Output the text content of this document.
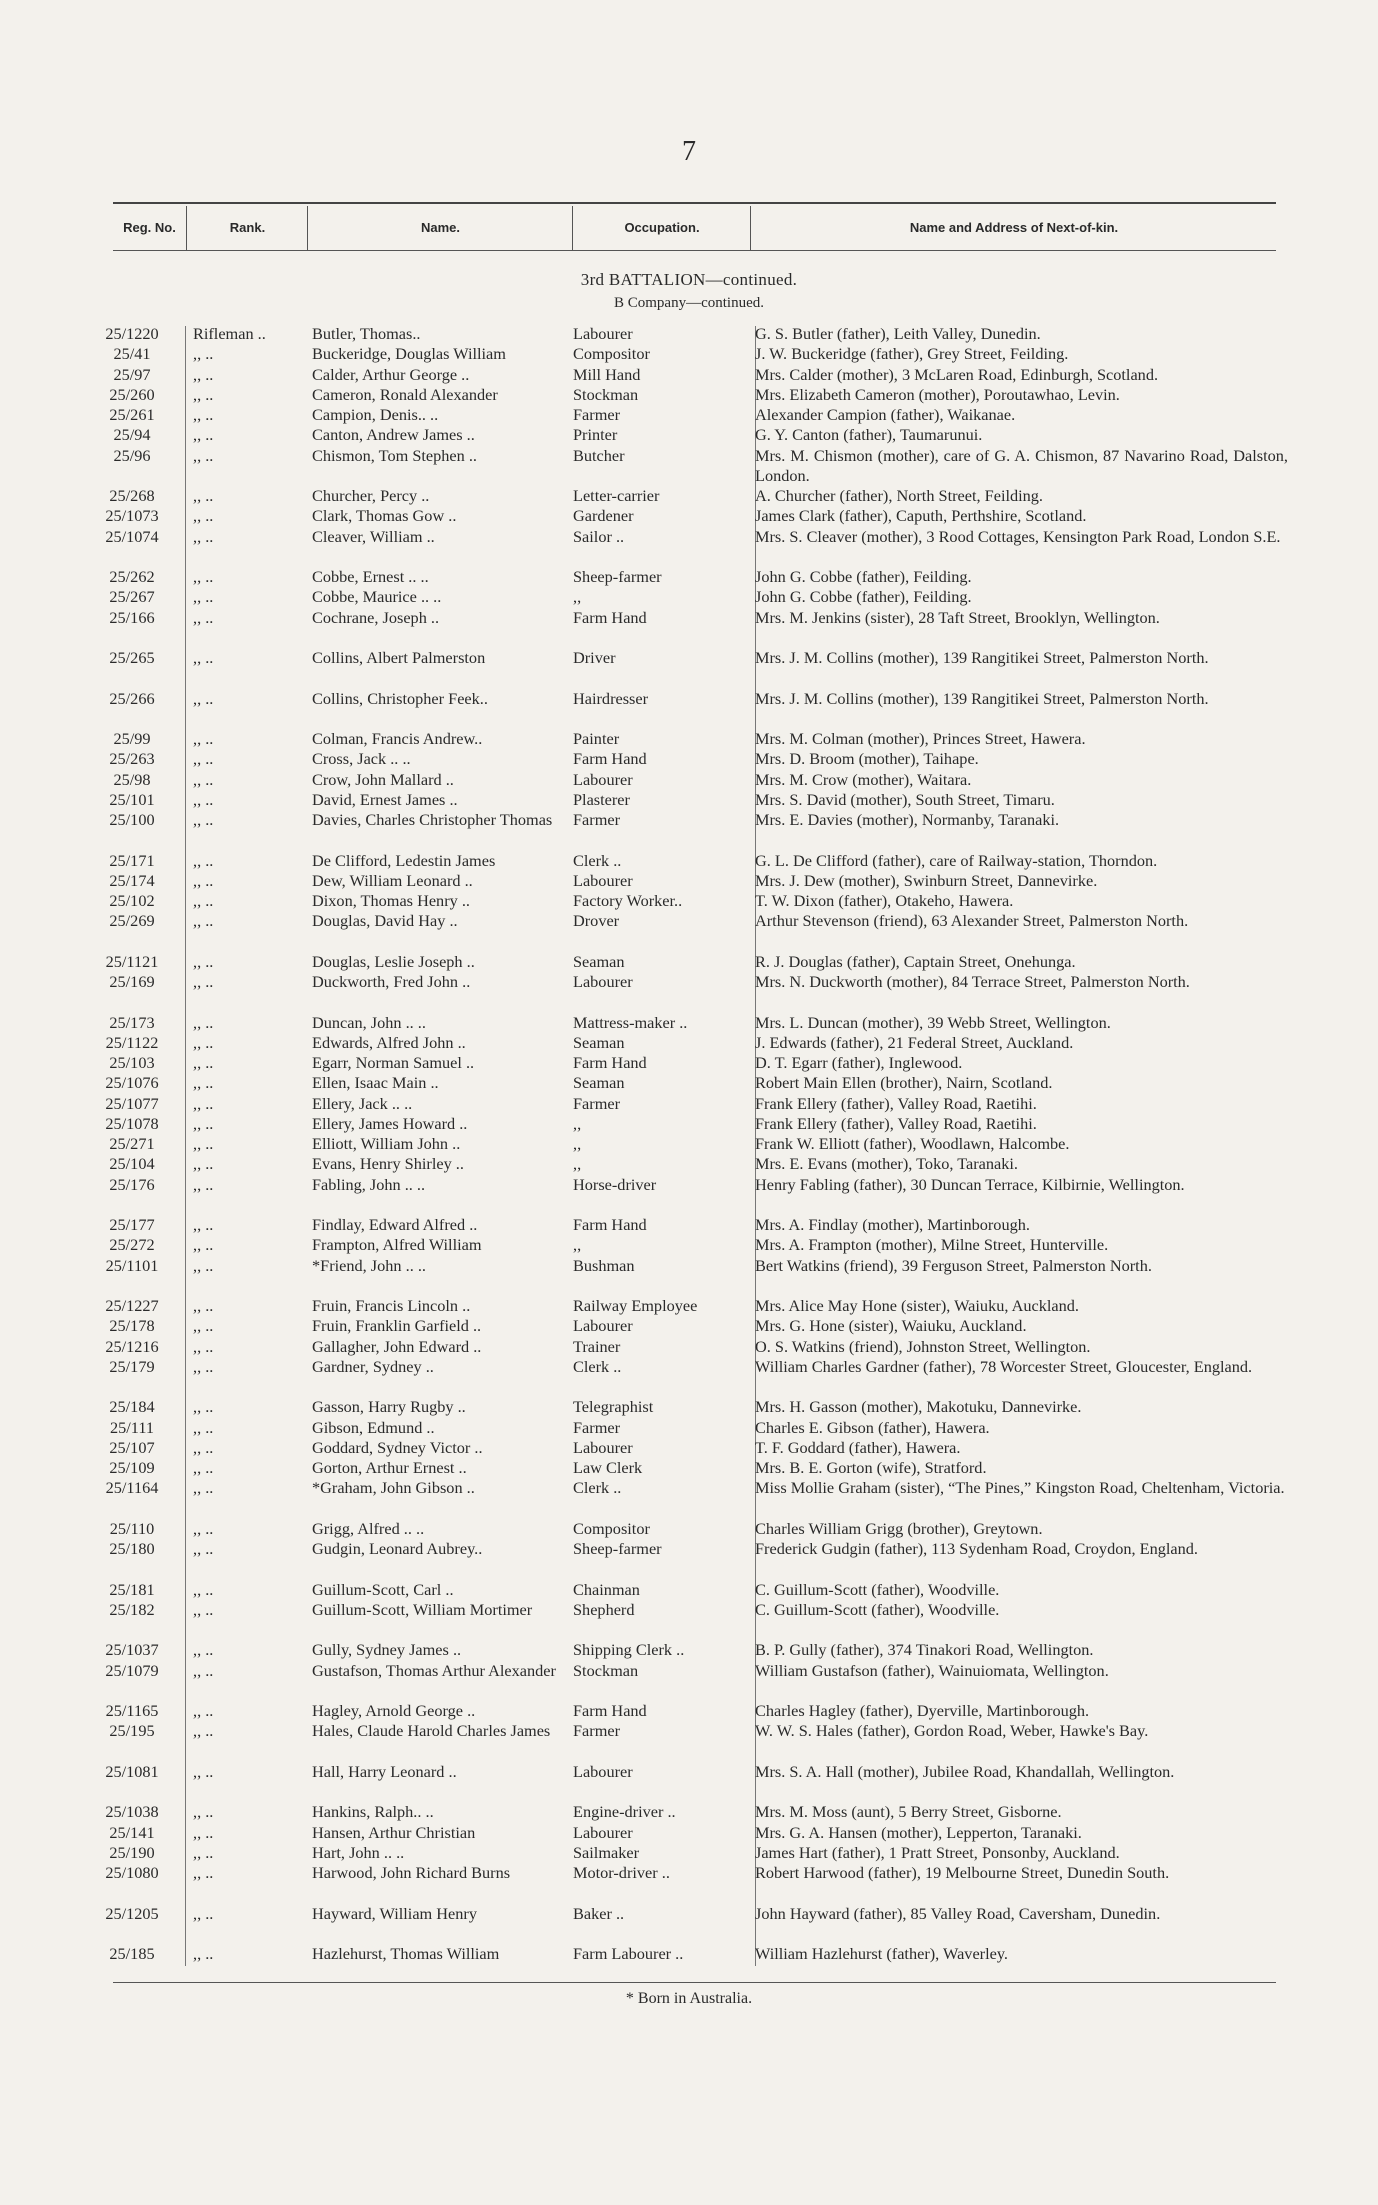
7
Reg. No.	Rank.	Name.	Occupation.	Name and Address of Next-of-kin.
3rd BATTALION—continued.
B Company—continued.
25/1220	Rifleman ..	Butler, Thomas..	Labourer	G. S. Butler (father), Leith Valley, Dunedin.
25/41	,, ..	Buckeridge, Douglas William	Compositor	J. W. Buckeridge (father), Grey Street, Feilding.
25/97	,, ..	Calder, Arthur George ..	Mill Hand	Mrs. Calder (mother), 3 McLaren Road, Edinburgh, Scotland.
25/260	,, ..	Cameron, Ronald Alexander	Stockman	Mrs. Elizabeth Cameron (mother), Poroutawhao, Levin.
25/261	,, ..	Campion, Denis.. ..	Farmer	Alexander Campion (father), Waikanae.
25/94	,, ..	Canton, Andrew James ..	Printer	G. Y. Canton (father), Taumarunui.
25/96	,, ..	Chismon, Tom Stephen ..	Butcher	Mrs. M. Chismon (mother), care of G. A. Chismon, 87 Navarino Road, Dalston, London.
25/268	,, ..	Churcher, Percy ..	Letter-carrier	A. Churcher (father), North Street, Feilding.
25/1073	,, ..	Clark, Thomas Gow ..	Gardener	James Clark (father), Caputh, Perthshire, Scotland.
25/1074	,, ..	Cleaver, William ..	Sailor ..	Mrs. S. Cleaver (mother), 3 Rood Cottages, Kensington Park Road, London S.E.
25/262	,, ..	Cobbe, Ernest .. ..	Sheep-farmer	John G. Cobbe (father), Feilding.
25/267	,, ..	Cobbe, Maurice .. ..	,,	John G. Cobbe (father), Feilding.
25/166	,, ..	Cochrane, Joseph ..	Farm Hand	Mrs. M. Jenkins (sister), 28 Taft Street, Brooklyn, Wellington.
25/265	,, ..	Collins, Albert Palmerston	Driver	Mrs. J. M. Collins (mother), 139 Rangitikei Street, Palmerston North.
25/266	,, ..	Collins, Christopher Feek..	Hairdresser	Mrs. J. M. Collins (mother), 139 Rangitikei Street, Palmerston North.
25/99	,, ..	Colman, Francis Andrew..	Painter	Mrs. M. Colman (mother), Princes Street, Hawera.
25/263	,, ..	Cross, Jack .. ..	Farm Hand	Mrs. D. Broom (mother), Taihape.
25/98	,, ..	Crow, John Mallard ..	Labourer	Mrs. M. Crow (mother), Waitara.
25/101	,, ..	David, Ernest James ..	Plasterer	Mrs. S. David (mother), South Street, Timaru.
25/100	,, ..	Davies, Charles Christopher Thomas	Farmer	Mrs. E. Davies (mother), Normanby, Taranaki.
25/171	,, ..	De Clifford, Ledestin James	Clerk ..	G. L. De Clifford (father), care of Railway-station, Thorndon.
25/174	,, ..	Dew, William Leonard ..	Labourer	Mrs. J. Dew (mother), Swinburn Street, Dannevirke.
25/102	,, ..	Dixon, Thomas Henry ..	Factory Worker..	T. W. Dixon (father), Otakeho, Hawera.
25/269	,, ..	Douglas, David Hay ..	Drover	Arthur Stevenson (friend), 63 Alexander Street, Palmerston North.
25/1121	,, ..	Douglas, Leslie Joseph ..	Seaman	R. J. Douglas (father), Captain Street, Onehunga.
25/169	,, ..	Duckworth, Fred John ..	Labourer	Mrs. N. Duckworth (mother), 84 Terrace Street, Palmerston North.
25/173	,, ..	Duncan, John .. ..	Mattress-maker ..	Mrs. L. Duncan (mother), 39 Webb Street, Wellington.
25/1122	,, ..	Edwards, Alfred John ..	Seaman	J. Edwards (father), 21 Federal Street, Auckland.
25/103	,, ..	Egarr, Norman Samuel ..	Farm Hand	D. T. Egarr (father), Inglewood.
25/1076	,, ..	Ellen, Isaac Main ..	Seaman	Robert Main Ellen (brother), Nairn, Scotland.
25/1077	,, ..	Ellery, Jack .. ..	Farmer	Frank Ellery (father), Valley Road, Raetihi.
25/1078	,, ..	Ellery, James Howard ..	,,	Frank Ellery (father), Valley Road, Raetihi.
25/271	,, ..	Elliott, William John ..	,,	Frank W. Elliott (father), Woodlawn, Halcombe.
25/104	,, ..	Evans, Henry Shirley ..	,,	Mrs. E. Evans (mother), Toko, Taranaki.
25/176	,, ..	Fabling, John .. ..	Horse-driver	Henry Fabling (father), 30 Duncan Terrace, Kilbirnie, Wellington.
25/177	,, ..	Findlay, Edward Alfred ..	Farm Hand	Mrs. A. Findlay (mother), Martinborough.
25/272	,, ..	Frampton, Alfred William	,,	Mrs. A. Frampton (mother), Milne Street, Hunterville.
25/1101	,, ..	*Friend, John .. ..	Bushman	Bert Watkins (friend), 39 Ferguson Street, Palmerston North.
25/1227	,, ..	Fruin, Francis Lincoln ..	Railway Employee	Mrs. Alice May Hone (sister), Waiuku, Auckland.
25/178	,, ..	Fruin, Franklin Garfield ..	Labourer	Mrs. G. Hone (sister), Waiuku, Auckland.
25/1216	,, ..	Gallagher, John Edward ..	Trainer	O. S. Watkins (friend), Johnston Street, Wellington.
25/179	,, ..	Gardner, Sydney ..	Clerk ..	William Charles Gardner (father), 78 Worcester Street, Gloucester, England.
25/184	,, ..	Gasson, Harry Rugby ..	Telegraphist	Mrs. H. Gasson (mother), Makotuku, Dannevirke.
25/111	,, ..	Gibson, Edmund ..	Farmer	Charles E. Gibson (father), Hawera.
25/107	,, ..	Goddard, Sydney Victor ..	Labourer	T. F. Goddard (father), Hawera.
25/109	,, ..	Gorton, Arthur Ernest ..	Law Clerk	Mrs. B. E. Gorton (wife), Stratford.
25/1164	,, ..	*Graham, John Gibson ..	Clerk ..	Miss Mollie Graham (sister), “The Pines,” Kingston Road, Cheltenham, Victoria.
25/110	,, ..	Grigg, Alfred .. ..	Compositor	Charles William Grigg (brother), Greytown.
25/180	,, ..	Gudgin, Leonard Aubrey..	Sheep-farmer	Frederick Gudgin (father), 113 Sydenham Road, Croydon, England.
25/181	,, ..	Guillum-Scott, Carl ..	Chainman	C. Guillum-Scott (father), Woodville.
25/182	,, ..	Guillum-Scott, William Mortimer	Shepherd	C. Guillum-Scott (father), Woodville.
25/1037	,, ..	Gully, Sydney James ..	Shipping Clerk ..	B. P. Gully (father), 374 Tinakori Road, Wellington.
25/1079	,, ..	Gustafson, Thomas Arthur Alexander	Stockman	William Gustafson (father), Wainuiomata, Wellington.
25/1165	,, ..	Hagley, Arnold George ..	Farm Hand	Charles Hagley (father), Dyerville, Martinborough.
25/195	,, ..	Hales, Claude Harold Charles James	Farmer	W. W. S. Hales (father), Gordon Road, Weber, Hawke's Bay.
25/1081	,, ..	Hall, Harry Leonard ..	Labourer	Mrs. S. A. Hall (mother), Jubilee Road, Khandallah, Wellington.
25/1038	,, ..	Hankins, Ralph.. ..	Engine-driver ..	Mrs. M. Moss (aunt), 5 Berry Street, Gisborne.
25/141	,, ..	Hansen, Arthur Christian	Labourer	Mrs. G. A. Hansen (mother), Lepperton, Taranaki.
25/190	,, ..	Hart, John .. ..	Sailmaker	James Hart (father), 1 Pratt Street, Ponsonby, Auckland.
25/1080	,, ..	Harwood, John Richard Burns	Motor-driver ..	Robert Harwood (father), 19 Melbourne Street, Dunedin South.
25/1205	,, ..	Hayward, William Henry	Baker ..	John Hayward (father), 85 Valley Road, Caversham, Dunedin.
25/185	,, ..	Hazlehurst, Thomas William	Farm Labourer ..	William Hazlehurst (father), Waverley.
* Born in Australia.
